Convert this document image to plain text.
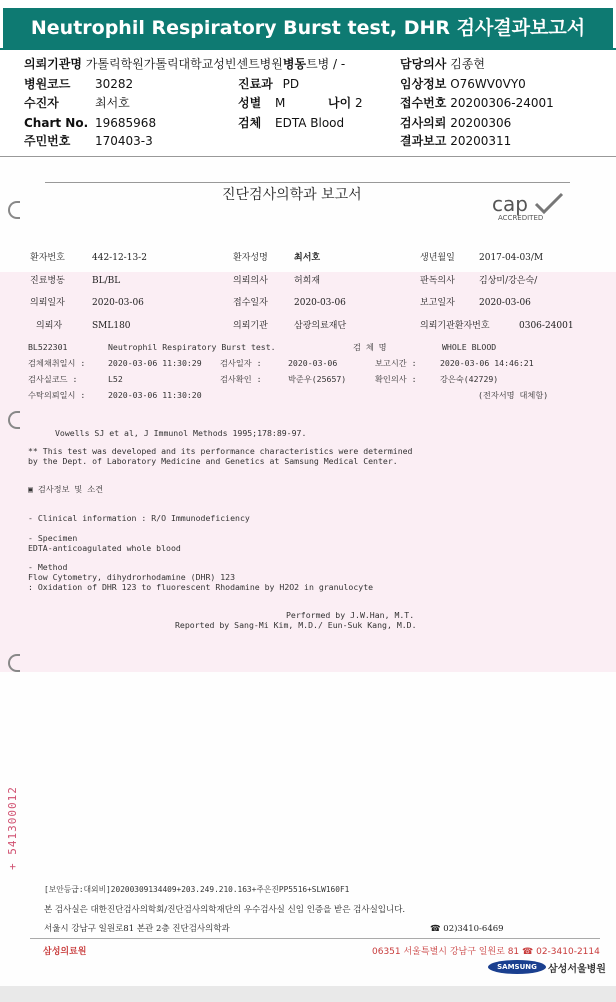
Neutrophil Respiratory Burst test, DHR 검사결과보고서
의뢰기관명 가톨릭학원가톨릭대학교성빈센트병원병동트병 / -	담당의사 김종현
병원코드 30282	진료과 PD	임상정보 O76WV0VY0
수진자	최서호	성별 M	나이 2	접수번호 20200306-24001
Chart No. 19685968	검체 EDTA Blood	검사의뢰 20200306
주민번호 170403-3	결과보고 20200311
진단검사의학과 보고서	cap
ACCREDITED
환자번호	442-12-13-2	환자성명	최서호	생년월일	2017-04-03/M
진료병동	BL/BL	의뢰의사	허희재	판독의사	김상미/강은숙/
의뢰일자	2020-03-06	접수일자	2020-03-06	보고일자	2020-03-06
의뢰자	SML180	의뢰기관	삼광의료재단	의뢰기관환자번호	0306-24001
BL522301	Neutrophil Respiratory Burst test.	검 체 명	WHOLE BLOOD
검체채취일시 :	2020-03-06 11:30:29 검사일자 :	2020-03-06	보고시간 :	2020-03-06 14:46:21
검사실코드 :	L52	검사확인 :	박준우(25657)	확인의사 :	강은숙(42729)
수탁의뢰일시 :	2020-03-06 11:30:20	(전자서명 대체함)
Vowells SJ et al, J Immunol Methods 1995;178:89-97.
** This test was developed and its performance characteristics were determined
by the Dept. of Laboratory Medicine and Genetics at Samsung Medical Center.
▣ 검사정보 및 소견
- Clinical information : R/O Immunodeficiency
- Specimen
EDTA-anticoagulated whole blood
- Method
Flow Cytometry, dihydrorhodamine (DHR) 123
: Oxidation of DHR 123 to fluorescent Rhodamine by H2O2 in granulocyte
Performed by J.W.Han, M.T.
Reported by Sang-Mi Kim, M.D./ Eun-Suk Kang, M.D.
+ 541300012
[보안등급:대외비]20200309134409+203.249.210.163+주은진PP5516+SLW160F1
본 검사실은 대한진단검사의학회/진단검사의학재단의 우수검사실 신임 인증을 받은 검사실입니다.
서울시 강남구 일원로81 본관 2층 진단검사의학과	☎ 02)3410-6469
삼성의료원	06351 서울특별시 강남구 일원로 81 ☎ 02-3410-2114
SAMSUNG	삼성서울병원
